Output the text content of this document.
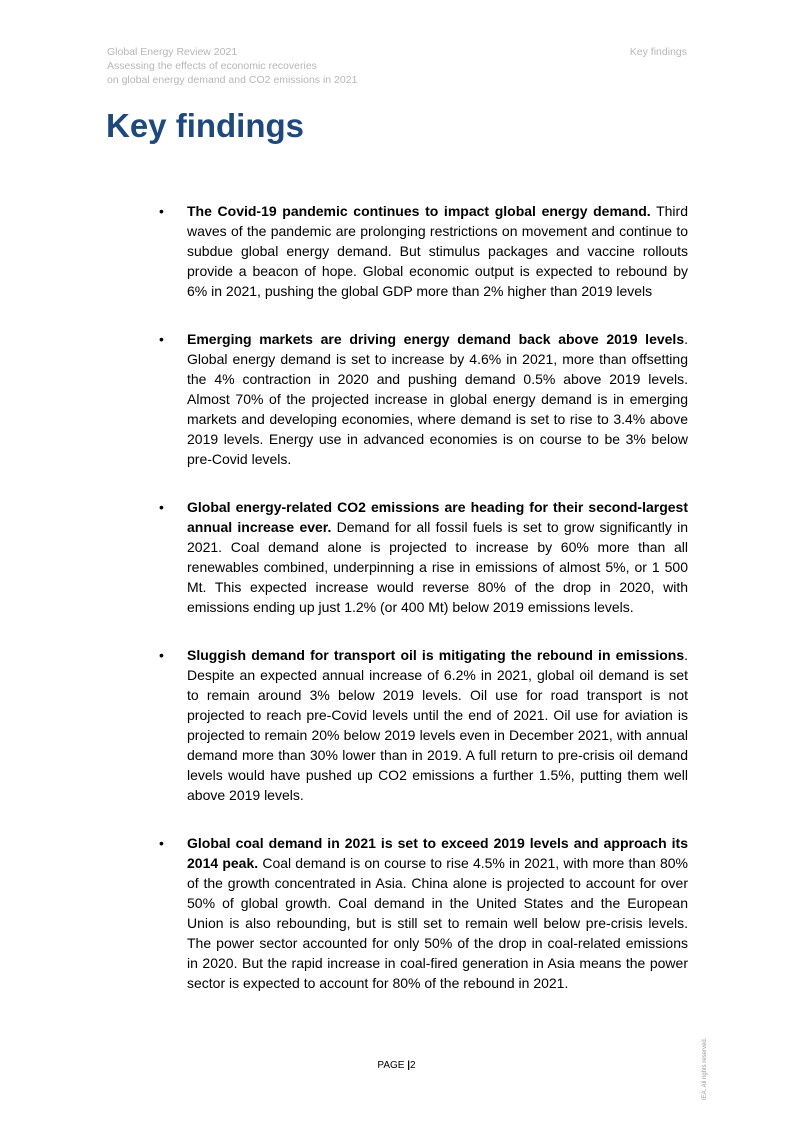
Global Energy Review 2021
Assessing the effects of economic recoveries
on global energy demand and CO2 emissions in 2021
Key findings
Key findings
• The Covid-19 pandemic continues to impact global energy demand. Third waves of the pandemic are prolonging restrictions on movement and continue to subdue global energy demand. But stimulus packages and vaccine rollouts provide a beacon of hope. Global economic output is expected to rebound by 6% in 2021, pushing the global GDP more than 2% higher than 2019 levels
• Emerging markets are driving energy demand back above 2019 levels. Global energy demand is set to increase by 4.6% in 2021, more than offsetting the 4% contraction in 2020 and pushing demand 0.5% above 2019 levels. Almost 70% of the projected increase in global energy demand is in emerging markets and developing economies, where demand is set to rise to 3.4% above 2019 levels. Energy use in advanced economies is on course to be 3% below pre-Covid levels.
• Global energy-related CO2 emissions are heading for their second-largest annual increase ever. Demand for all fossil fuels is set to grow significantly in 2021. Coal demand alone is projected to increase by 60% more than all renewables combined, underpinning a rise in emissions of almost 5%, or 1 500 Mt. This expected increase would reverse 80% of the drop in 2020, with emissions ending up just 1.2% (or 400 Mt) below 2019 emissions levels.
• Sluggish demand for transport oil is mitigating the rebound in emissions. Despite an expected annual increase of 6.2% in 2021, global oil demand is set to remain around 3% below 2019 levels. Oil use for road transport is not projected to reach pre-Covid levels until the end of 2021. Oil use for aviation is projected to remain 20% below 2019 levels even in December 2021, with annual demand more than 30% lower than in 2019. A full return to pre-crisis oil demand levels would have pushed up CO2 emissions a further 1.5%, putting them well above 2019 levels.
• Global coal demand in 2021 is set to exceed 2019 levels and approach its 2014 peak. Coal demand is on course to rise 4.5% in 2021, with more than 80% of the growth concentrated in Asia. China alone is projected to account for over 50% of global growth. Coal demand in the United States and the European Union is also rebounding, but is still set to remain well below pre-crisis levels. The power sector accounted for only 50% of the drop in coal-related emissions in 2020. But the rapid increase in coal-fired generation in Asia means the power sector is expected to account for 80% of the rebound in 2021.
PAGE |2	IEA. All rights reserved.
